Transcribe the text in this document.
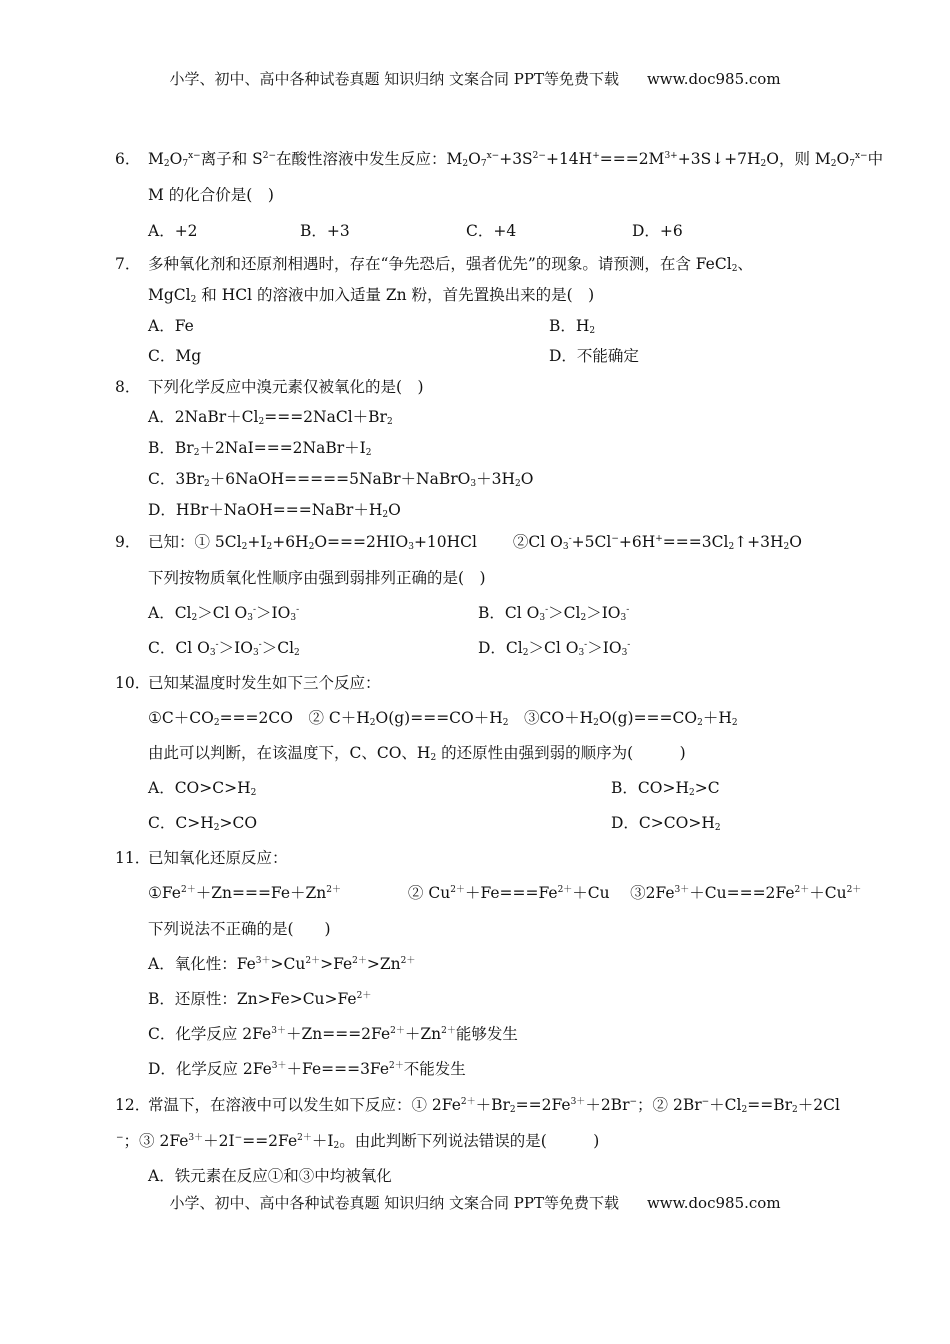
小学、初中、高中各种试卷真题 知识归纳 文案合同 PPT等免费下载 www.doc985.com
6． $M_2O_7^{x-}$离子和 $S^{2-}$在酸性溶液中发生反应：$M_2O_7^{x-}+3S^{2-}+14H^+===2M^{3+}+3S↓+7H_2O$，则 $M_2O_7^{x-}$中
M 的化合价是(　)
A．+2	B．+3	C．+4	D．+6
7． 多种氧化剂和还原剂相遇时，存在“争先恐后，强者优先”的现象。请预测，在含 FeCl$_2$、
MgCl$_2$ 和 HCl 的溶液中加入适量 Zn 粉，首先置换出来的是(　)
A．Fe	B．$H_2$
C．Mg	D．不能确定
8． 下列化学反应中溴元素仅被氧化的是(　)
A．$2NaBr+Cl_2===2NaCl+Br_2$
B．$Br_2+2NaI===2NaBr+I_2$
C．$3Br_2+6NaOH=====5NaBr+NaBrO_3+3H_2O$
D．$HBr+NaOH===NaBr+H_2O$
9． 已知：① $5Cl_2+I_2+6H_2O===2HIO_3+10HCl$　　 ②Cl $O_3^-+5Cl^-+6H^+===3Cl_2↑+3H_2O$
下列按物质氧化性顺序由强到弱排列正确的是(　)
A．$Cl_2>Cl$ $O_3^->IO_3^-$	B．Cl $O_3^->Cl_2>IO_3^-$
C．Cl $O_3^->IO_3^->Cl_2$	D．$Cl_2>Cl$ $O_3^->IO_3^-$
10．
已知某温度时发生如下三个反应：
$①C+CO_2===2CO$　② $C+H_2O(g)===CO+H_2$　$③CO+H_2O(g)===CO_2+H_2$
由此可以判断，在该温度下，C、CO、$H_2$ 的还原性由强到弱的顺序为(　　　)
A．$CO>C>H_2$	B．$CO>H_2>C$
C．$C>H_2>CO$	D．$C>CO>H_2$
11．
已知氧化还原反应：
$①Fe^{2+}+Zn===Fe+Zn^{2+}$　　　　 ② $Cu^{2+}+Fe===Fe^{2+}+Cu$　 $③2Fe^{3+}+Cu===2Fe^{2+}+Cu^{2+}$
下列说法不正确的是(　　)
A．氧化性：$Fe^{3+}>Cu^{2+}>Fe^{2+}>Zn^{2+}$
B．还原性：$Zn>Fe>Cu>Fe^{2+}$
C．化学反应 $2Fe^{3+}+Zn===2Fe^{2+}+Zn^{2+}$能够发生
D．化学反应 $2Fe^{3+}+Fe===3Fe^{2+}$不能发生
12．
常温下，在溶液中可以发生如下反应：① $2Fe^{2+}+Br_2==2Fe^{3+}+2Br^-$；② $2Br^-+Cl_2==Br_2+2Cl$
−；③ $2Fe^{3+}+2I^-==2Fe^{2+}+I_2$。由此判断下列说法错误的是(　　　)
A．铁元素在反应①和③中均被氧化
小学、初中、高中各种试卷真题 知识归纳 文案合同 PPT等免费下载 www.doc985.com
